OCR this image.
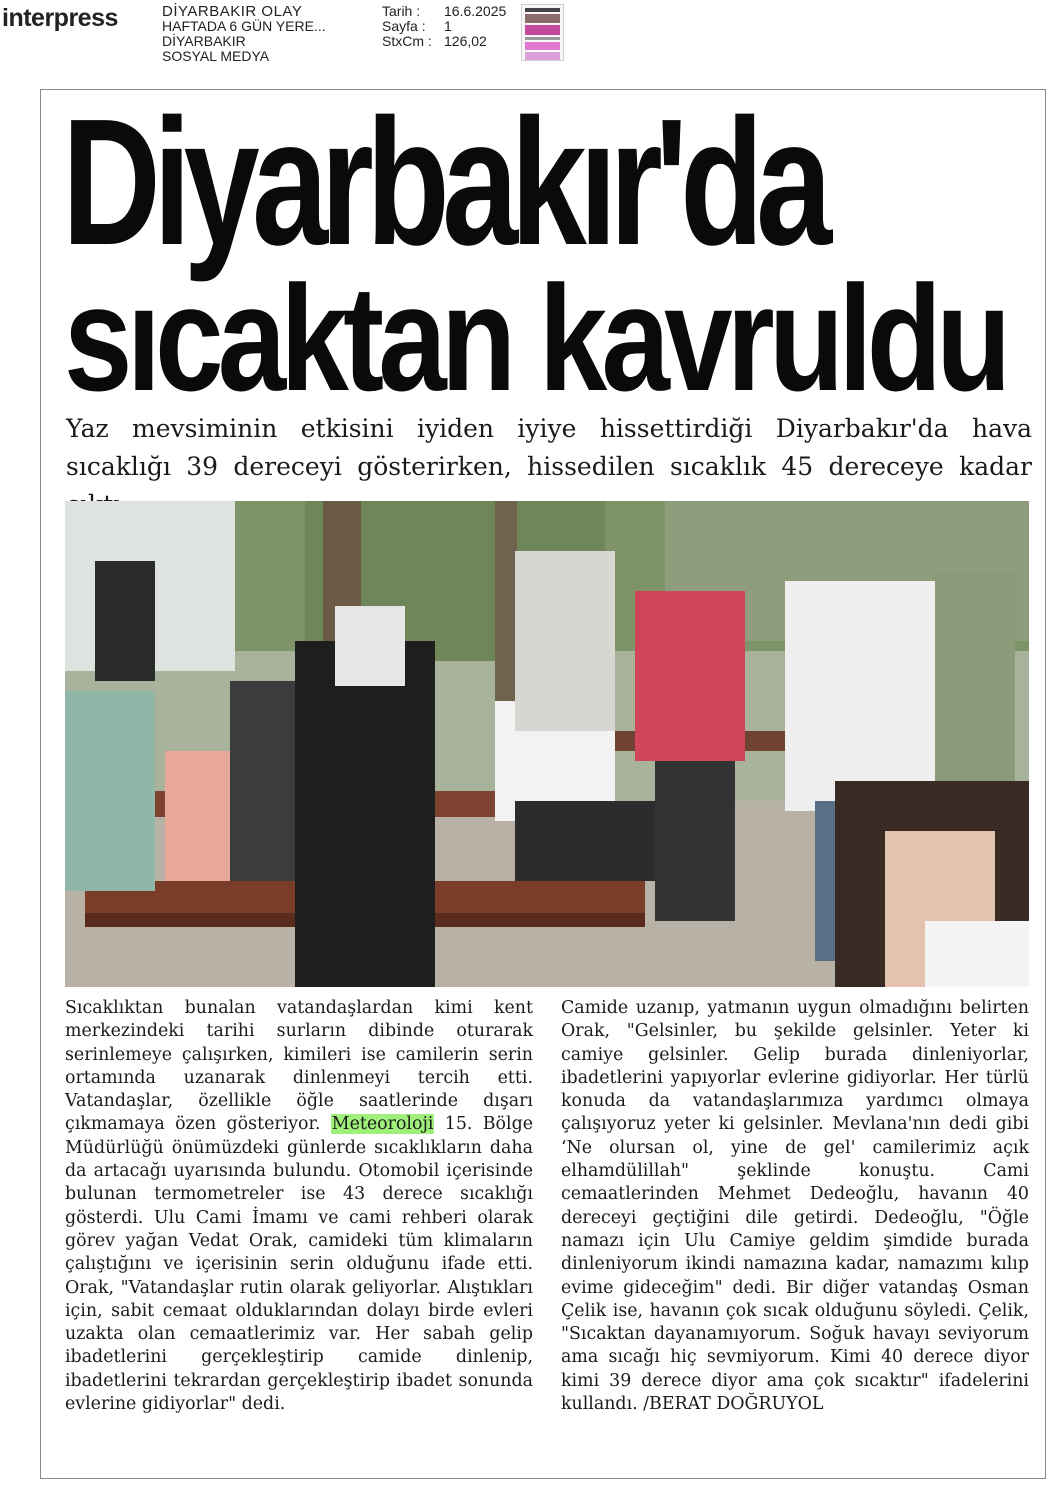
interpress	DİYARBAKIR OLAY
HAFTADA 6 GÜN YERE...
DİYARBAKIR
SOSYAL MEDYA
Tarih :	16.6.2025
Sayfa :	1
StxCm : 126,02
Diyarbakır'da
sıcaktan kavruldu
Yaz mevsiminin etkisini iyiden iyiye hissettirdiği Diyarbakır'da hava sıcaklığı 39 dereceyi gösterirken, hissedilen sıcaklık 45 dereceye kadar

Sıcaklıktan bunalan vatandaşlardan kimi kent merkezindeki tarihi surların dibinde oturarak serinlemeye çalışırken, kimileri ise camilerin serin ortamında uzanarak dinlenmeyi tercih etti. Vatandaşlar, özellikle öğle saatlerinde dışarı çıkmamaya özen gösteriyor. Meteoroloji 15. Bölge Müdürlüğü önümüzdeki günlerde sıcaklıkların daha da artacağı uyarısında bulundu. Otomobil içerisinde bulunan termometreler ise 43 derece sıcaklığı gösterdi. Ulu Cami İmamı ve cami rehberi olarak görev yağan Vedat Orak, camideki tüm klimaların çalıştığını ve içerisinin serin olduğunu ifade etti. Orak, "Vatandaşlar rutin olarak geliyorlar. Alıştıkları için, sabit cemaat olduklarından dolayı birde evleri uzakta olan cemaatlerimiz var. Her sabah gelip ibadetlerini gerçekleştirip camide dinlenip, ibadetlerini tekrardan gerçekleştirip ibadet sonunda evlerine gidiyorlar" dedi.

Camide uzanıp, yatmanın uygun olmadığını belirten Orak, "Gelsinler, bu şekilde gelsinler. Yeter ki camiye gelsinler. Gelip burada dinleniyorlar, ibadetlerini yapıyorlar evlerine gidiyorlar. Her türlü konuda da vatandaşlarımıza yardımcı olmaya çalışıyoruz yeter ki gelsinler. Mevlana'nın dedi gibi ‘Ne olursan ol, yine de gel' camilerimiz açık elhamdülillah" şeklinde konuştu. Cami cemaatlerinden Mehmet Dedeoğlu, havanın 40 dereceyi geçtiğini dile getirdi. Dedeoğlu, "Öğle namazı için Ulu Camiye geldim şimdide burada dinleniyorum ikindi namazına kadar, namazımı kılıp evime gideceğim" dedi. Bir diğer vatandaş Osman Çelik ise, havanın çok sıcak olduğunu söyledi. Çelik, "Sıcaktan dayanamıyorum. Soğuk havayı seviyorum ama sıcağı hiç sevmiyorum. Kimi 40 derece diyor kimi 39 derece diyor ama çok sıcaktır" ifadelerini kullandı. /BERAT DOĞRUYOL
